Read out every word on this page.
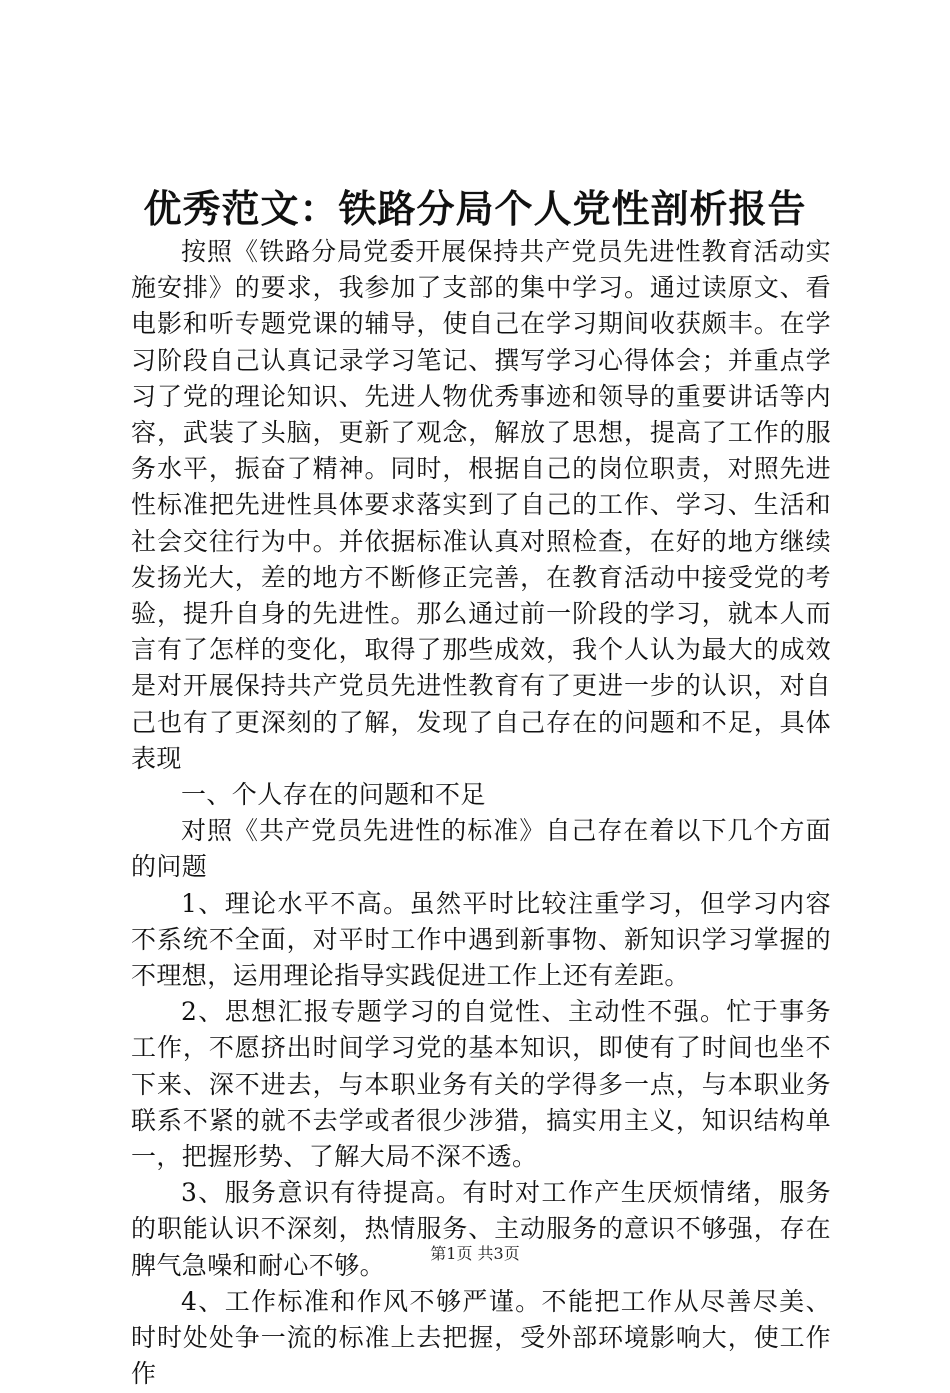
优秀范文：铁路分局个人党性剖析报告

按照《铁路分局党委开展保持共产党员先进性教育活动实施安排》的要求，我参加了支部的集中学习。通过读原文、看电影和听专题党课的辅导，使自己在学习期间收获颇丰。在学习阶段自己认真记录学习笔记、撰写学习心得体会；并重点学习了党的理论知识、先进人物优秀事迹和领导的重要讲话等内容，武装了头脑，更新了观念，解放了思想，提高了工作的服务水平，振奋了精神。同时，根据自己的岗位职责，对照先进性标准把先进性具体要求落实到了自己的工作、学习、生活和社会交往行为中。并依据标准认真对照检查，在好的地方继续发扬光大，差的地方不断修正完善，在教育活动中接受党的考验，提升自身的先进性。那么通过前一阶段的学习，就本人而言有了怎样的变化，取得了那些成效，我个人认为最大的成效是对开展保持共产党员先进性教育有了更进一步的认识，对自己也有了更深刻的了解，发现了自己存在的问题和不足，具体表现

一、个人存在的问题和不足

对照《共产党员先进性的标准》自己存在着以下几个方面的问题

1、理论水平不高。虽然平时比较注重学习，但学习内容不系统不全面，对平时工作中遇到新事物、新知识学习掌握的不理想，运用理论指导实践促进工作上还有差距。

2、思想汇报专题学习的自觉性、主动性不强。忙于事务工作，不愿挤出时间学习党的基本知识，即使有了时间也坐不下来、深不进去，与本职业务有关的学得多一点，与本职业务联系不紧的就不去学或者很少涉猎，搞实用主义，知识结构单一，把握形势、了解大局不深不透。

3、服务意识有待提高。有时对工作产生厌烦情绪，服务的职能认识不深刻，热情服务、主动服务的意识不够强，存在脾气急噪和耐心不够。

4、工作标准和作风不够严谨。不能把工作从尽善尽美、时时处处争一流的标准上去把握，受外部环境影响大，使工作作

第1页 共3页
